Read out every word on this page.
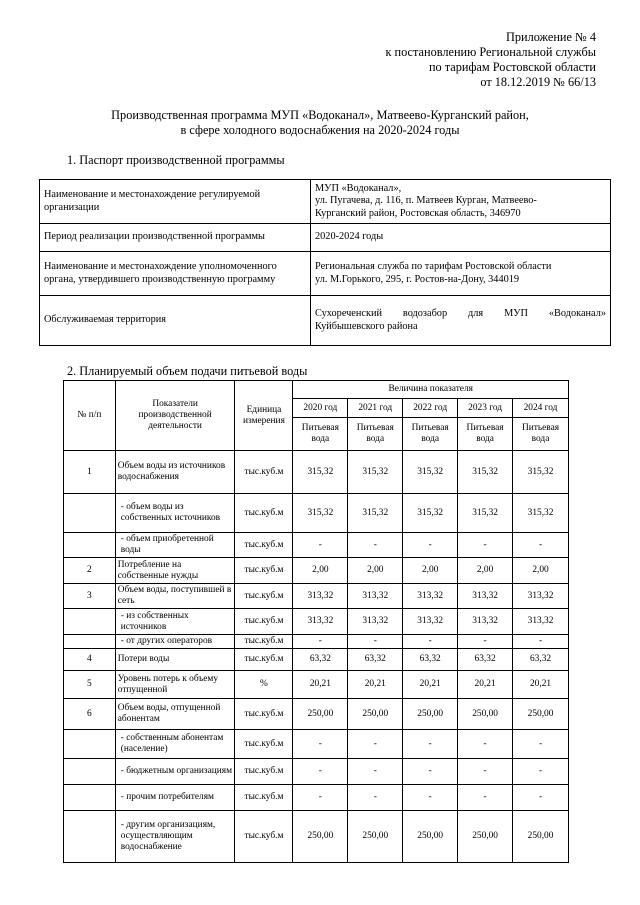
Приложение № 4
к постановлению Региональной службы
по тарифам Ростовской области
от 18.12.2019 № 66/13
Производственная программа МУП «Водоканал», Матвеево-Курганский район,
в сфере холодного водоснабжения на 2020-2024 годы
1. Паспорт производственной программы
Наименование и местонахождение регулируемой организации	МУП «Водоканал»,
ул. Пугачева, д. 116, п. Матвеев Курган, Матвеево-
Курганский район, Ростовская область, 346970

Период реализации производственной программы	2020-2024 годы

Наименование и местонахождение уполномоченного органа, утвердившего производственную программу	Региональная служба по тарифам Ростовской области
ул. М.Горького, 295, г. Ростов-на-Дону, 344019

Обслуживаемая территория	Сухореченский водозабор для МУП «Водоканал»
Куйбышевского района
2. Планируемый объем подачи питьевой воды
№ п/п	Показатели производственной деятельности	Единица измерения	Величина показателя				
			2020 год	2021 год	2022 год	2023 год	2024 год
			Питьевая вода	Питьевая вода	Питьевая вода	Питьевая вода	Питьевая вода
1	Объем воды из источников водоснабжения	тыс.куб.м	315,32	315,32	315,32	315,32	315,32
	- объем воды из собственных источников	тыс.куб.м	315,32	315,32	315,32	315,32	315,32
	- объем приобретенной воды	тыс.куб.м	-	-	-	-	-
2	Потребление на собственные нужды	тыс.куб.м	2,00	2,00	2,00	2,00	2,00
3	Объем воды, поступившей в сеть	тыс.куб.м	313,32	313,32	313,32	313,32	313,32
	- из собственных источников	тыс.куб.м	313,32	313,32	313,32	313,32	313,32
	- от других операторов	тыс.куб.м	-	-	-	-	-
4	Потери воды	тыс.куб.м	63,32	63,32	63,32	63,32	63,32
5	Уровень потерь к объему отпущенной	%	20,21	20,21	20,21	20,21	20,21
6	Объем воды, отпущенной абонентам	тыс.куб.м	250,00	250,00	250,00	250,00	250,00
	- собственным абонентам (население)	тыс.куб.м	-	-	-	-	-
	- бюджетным организациям	тыс.куб.м	-	-	-	-	-
	- прочим потребителям	тыс.куб.м	-	-	-	-	-
	- другим организациям, осуществляющим водоснабжение	тыс.куб.м	250,00	250,00	250,00	250,00	250,00
